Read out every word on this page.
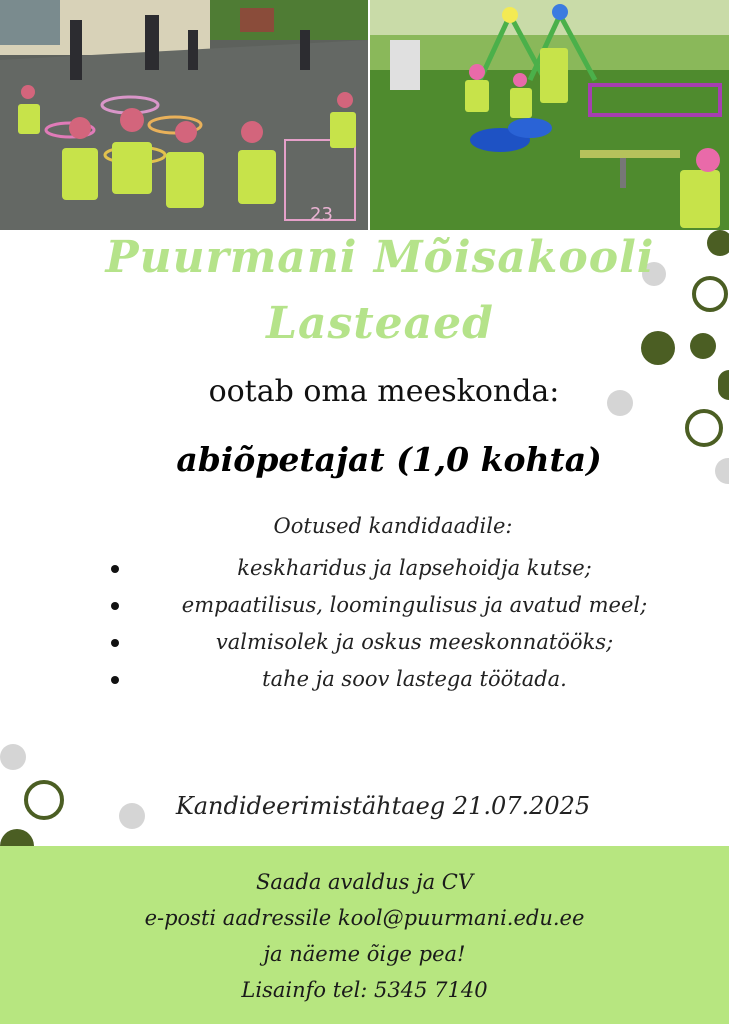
23
Puurmani Mõisakooli
Lasteaed
ootab oma meeskonda:
abiõpetajat (1,0 kohta)
Ootused kandidaadile:
keskharidus ja lapsehoidja kutse;
empaatilisus, loomingulisus ja avatud meel;
valmisolek ja oskus meeskonnatööks;
tahe ja soov lastega töötada.
Kandideerimistähtaeg 21.07.2025

Saada avaldus ja CV

e-posti aadressile kool@puurmani.edu.ee

ja näeme õige pea!

Lisainfo tel: 5345 7140
